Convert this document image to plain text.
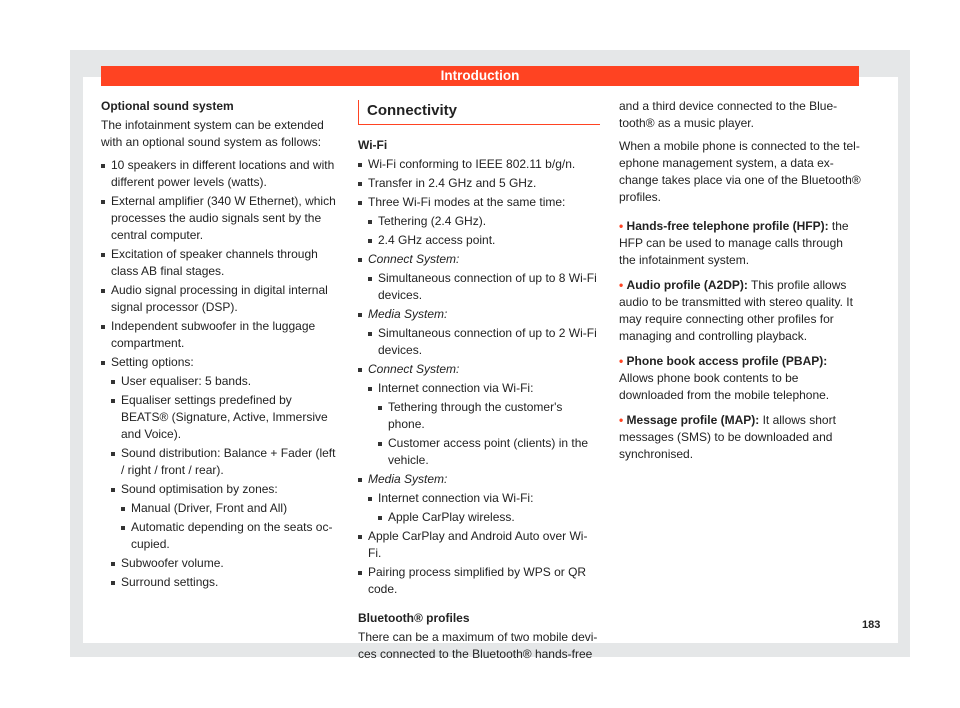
Introduction
Optional sound system

The infotainment system can be extended with an optional sound system as follows:

10 speakers in different locations and with different power levels (watts).
External amplifier (340 W Ethernet), which processes the audio signals sent by the central computer.
Excitation of speaker channels through class AB final stages.
Audio signal processing in digital internal signal processor (DSP).
Independent subwoofer in the luggage compartment.
Setting options:
User equaliser: 5 bands.
Equaliser settings predefined by BEATS® (Signature, Active, Immersive and Voice).
Sound distribution: Balance + Fader (left / right / front / rear).
Sound optimisation by zones:
Manual (Driver, Front and All)
Automatic depending on the seats oc-cupied.
Subwoofer volume.
Surround settings.
Connectivity
Wi-Fi
Wi-Fi conforming to IEEE 802.11 b/g/n.
Transfer in 2.4 GHz and 5 GHz.
Three Wi-Fi modes at the same time:
Tethering (2.4 GHz).
2.4 GHz access point.
Connect System:
Simultaneous connection of up to 8 Wi-Fi devices.
Media System:
Simultaneous connection of up to 2 Wi-Fi devices.
Connect System:
Internet connection via Wi-Fi:
Tethering through the customer's phone.
Customer access point (clients) in the vehicle.
Media System:
Internet connection via Wi-Fi:
Apple CarPlay wireless.
Apple CarPlay and Android Auto over Wi-Fi.
Pairing process simplified by WPS or QR code.
Bluetooth® profiles

There can be a maximum of two mobile devi-ces connected to the Bluetooth® hands-free

and a third device connected to the Blue-tooth® as a music player.

When a mobile phone is connected to the tel-ephone management system, a data ex-change takes place via one of the Bluetooth® profiles.

• Hands-free telephone profile (HFP): the HFP can be used to manage calls through the infotainment system.
• Audio profile (A2DP): This profile allows audio to be transmitted with stereo quality. It may require connecting other profiles for managing and controlling playback.
• Phone book access profile (PBAP): Allows phone book contents to be downloaded from the mobile telephone.
• Message profile (MAP): It allows short messages (SMS) to be downloaded and synchronised.
183
